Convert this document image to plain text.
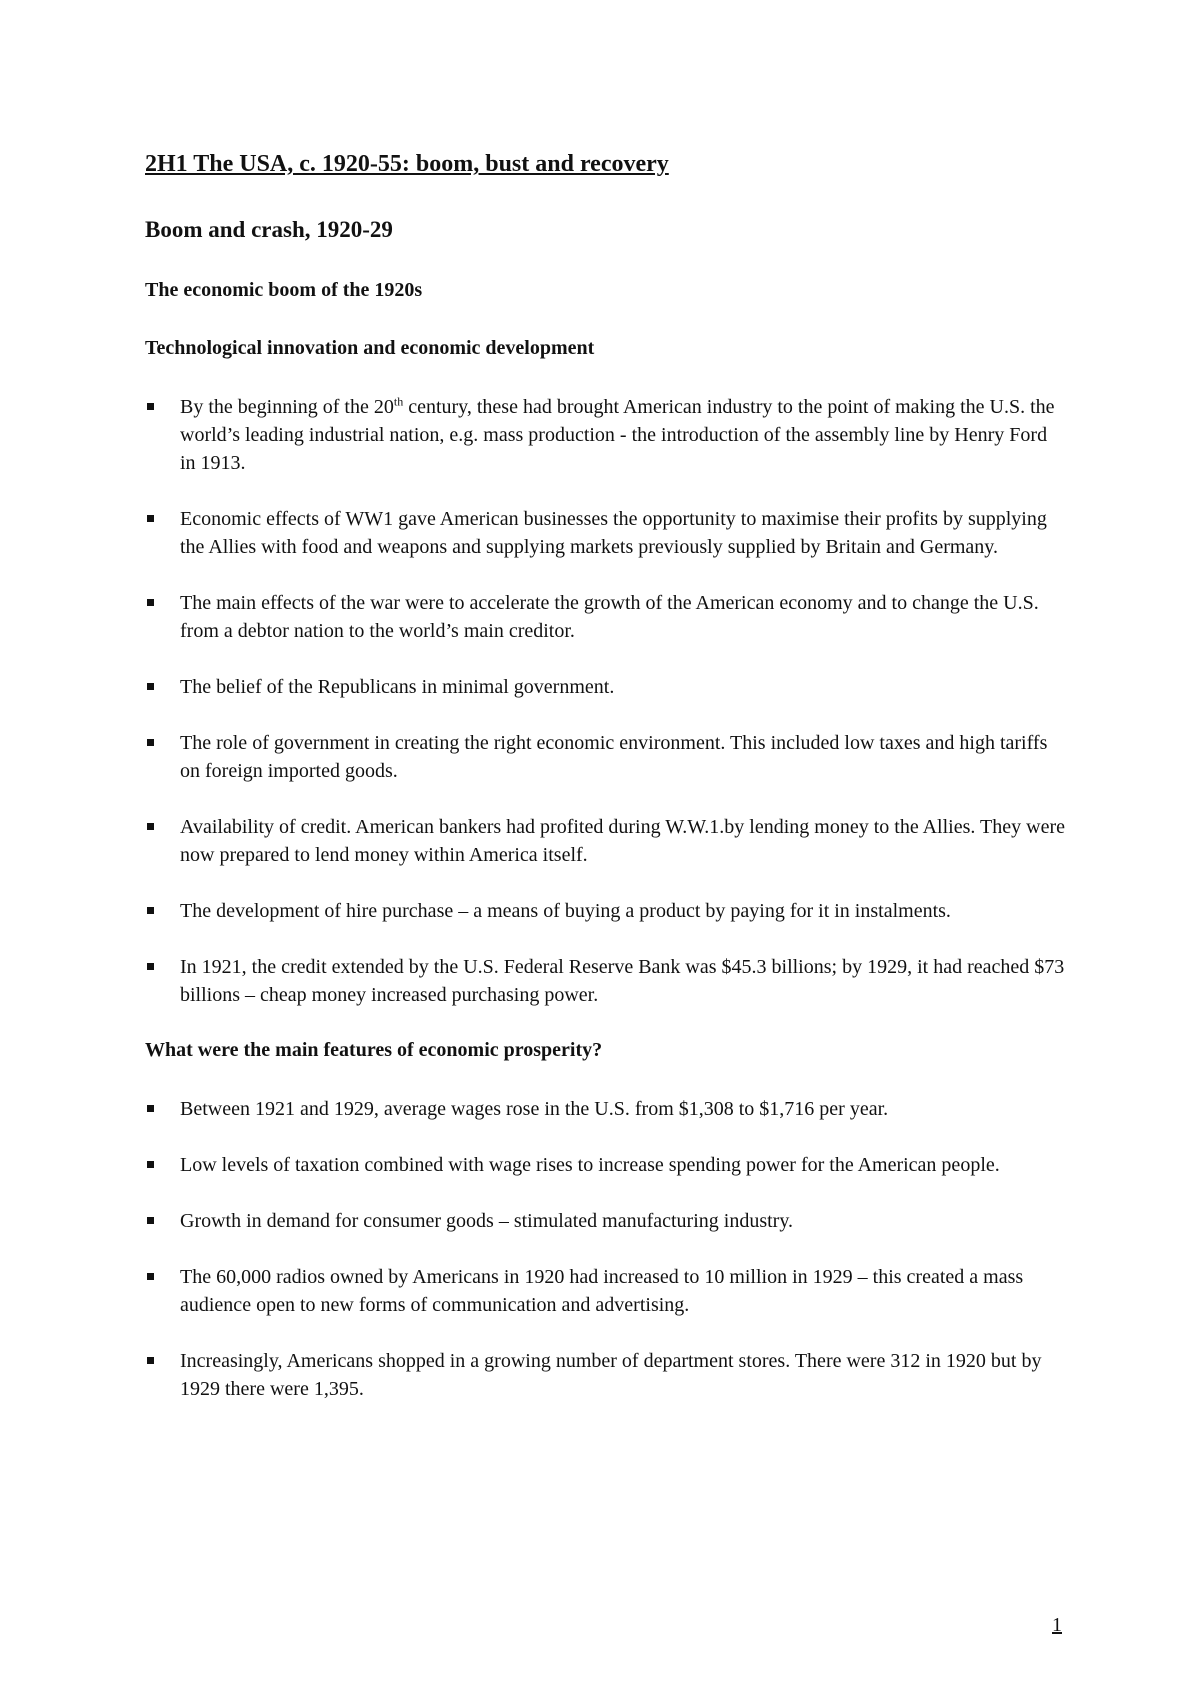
2H1 The USA, c. 1920-55: boom, bust and recovery
Boom and crash, 1920-29
The economic boom of the 1920s
Technological innovation and economic development
By the beginning of the 20th century, these had brought American industry to the point of making the U.S. the world’s leading industrial nation, e.g. mass production - the introduction of the assembly line by Henry Ford in 1913.
Economic effects of WW1 gave American businesses the opportunity to maximise their profits by supplying the Allies with food and weapons and supplying markets previously supplied by Britain and Germany.
The main effects of the war were to accelerate the growth of the American economy and to change the U.S. from a debtor nation to the world’s main creditor.
The belief of the Republicans in minimal government.
The role of government in creating the right economic environment. This included low taxes and high tariffs on foreign imported goods.
Availability of credit. American bankers had profited during W.W.1.by lending money to the Allies. They were now prepared to lend money within America itself.
The development of hire purchase – a means of buying a product by paying for it in instalments.
In 1921, the credit extended by the U.S. Federal Reserve Bank was $45.3 billions; by 1929, it had reached $73 billions – cheap money increased purchasing power.
What were the main features of economic prosperity?
Between 1921 and 1929, average wages rose in the U.S. from $1,308 to $1,716 per year.
Low levels of taxation combined with wage rises to increase spending power for the American people.
Growth in demand for consumer goods – stimulated manufacturing industry.
The 60,000 radios owned by Americans in 1920 had increased to 10 million in 1929 – this created a mass audience open to new forms of communication and advertising.
Increasingly, Americans shopped in a growing number of department stores. There were 312 in 1920 but by 1929 there were 1,395.
1
